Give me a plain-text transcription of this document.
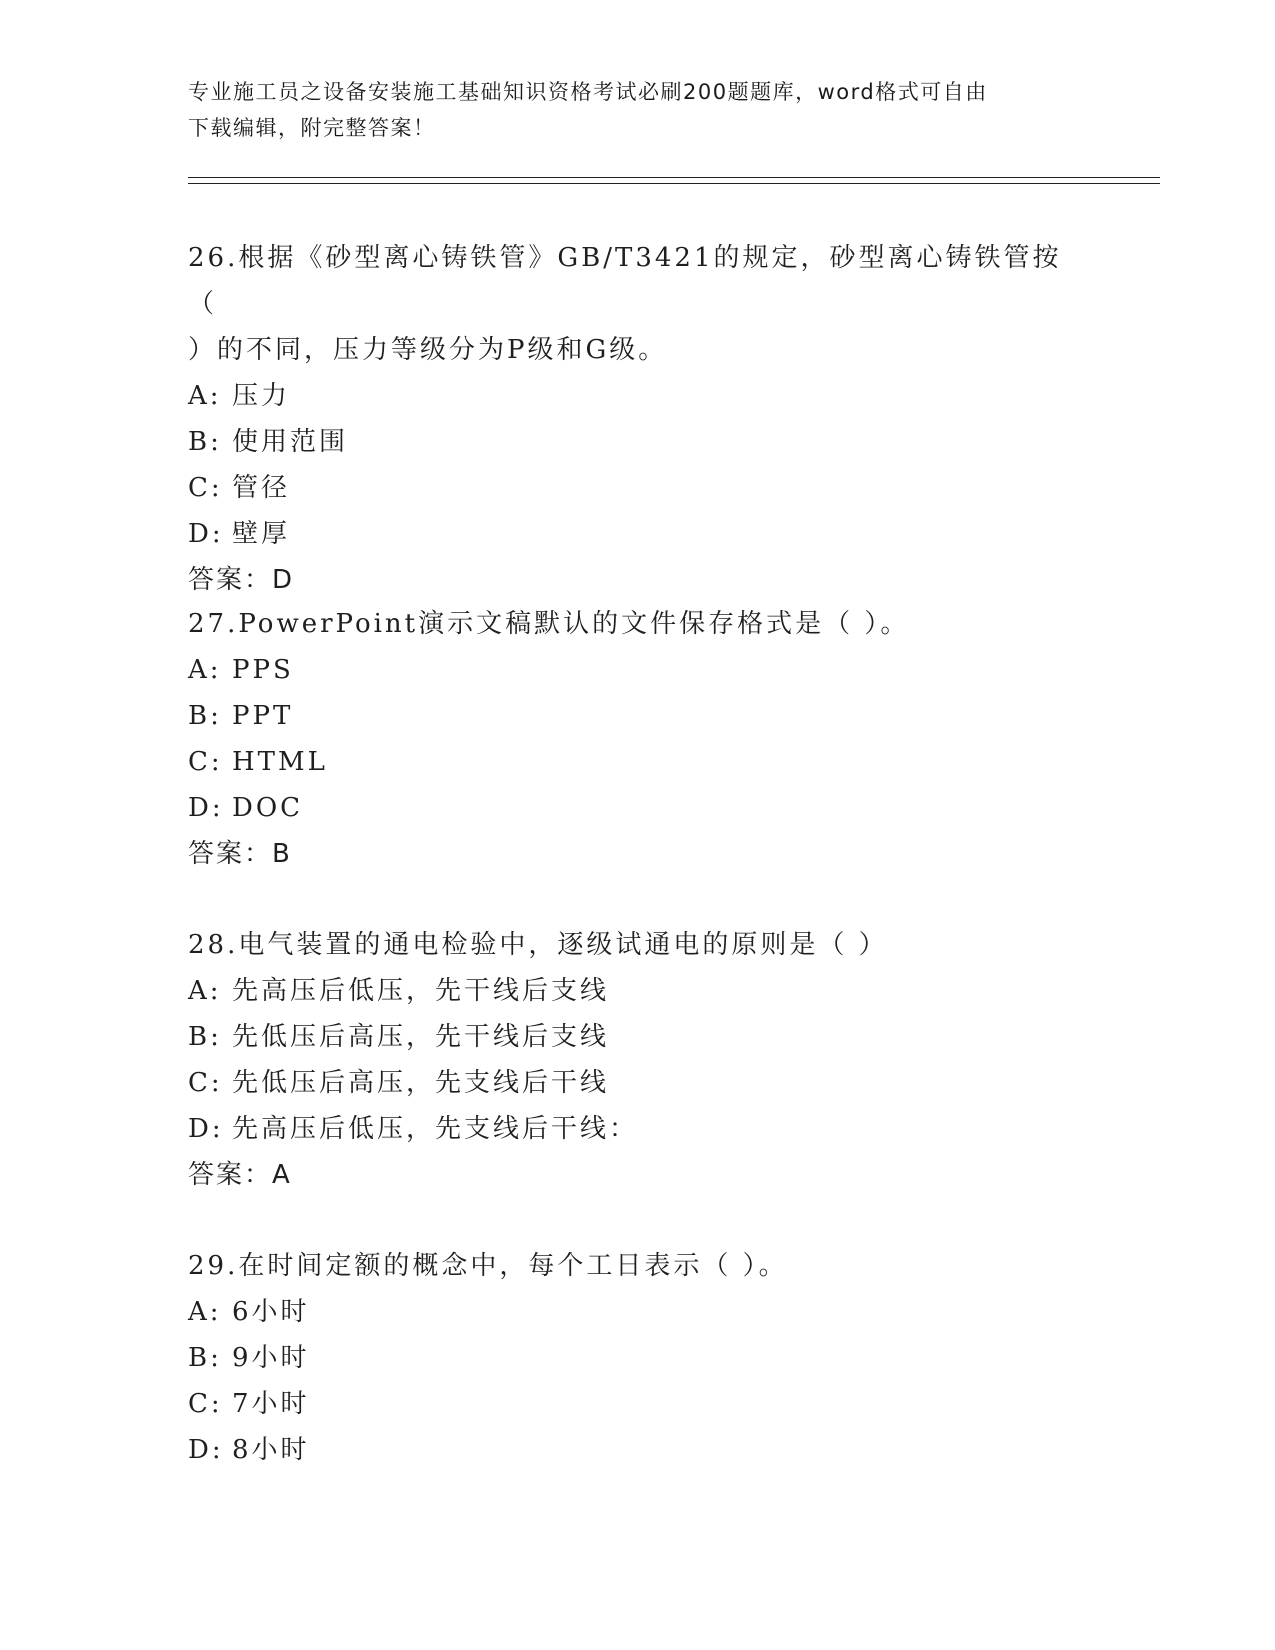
专业施工员之设备安装施工基础知识资格考试必刷200题题库，word格式可自由
下载编辑，附完整答案！

26.根据《砂型离心铸铁管》GB/T3421的规定，砂型离心铸铁管按（

）的不同，压力等级分为P级和G级。

A: 压力

B: 使用范围

C: 管径

D: 壁厚

答案：D

27.PowerPoint演示文稿默认的文件保存格式是（ ）。

A: PPS

B: PPT

C: HTML

D: DOC

答案：B

28.电气装置的通电检验中，逐级试通电的原则是（ ）

A: 先高压后低压，先干线后支线

B: 先低压后高压，先干线后支线

C: 先低压后高压，先支线后干线

D: 先高压后低压，先支线后干线：

答案：A

29.在时间定额的概念中，每个工日表示（ ）。

A: 6小时

B: 9小时

C: 7小时

D: 8小时
